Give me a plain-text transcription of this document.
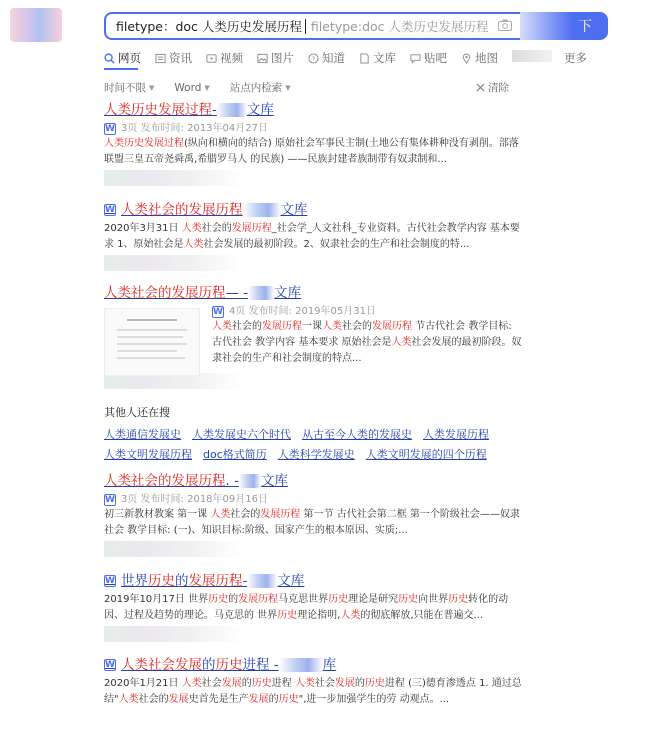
filetype：doc 人类历史发展历程 filetype:doc 人类历史发展历程	下
网页 资讯 视频 图片	? 知道 文库 贴吧 地图	更多
时间不限 ▼ Word ▼ 站点内检索 ▼	清除
人类历史发展过程 - 文库
W 3页 发布时间: 2013年04月27日
人类历史发展过程(纵向和横向的结合) 原始社会军事民主制(土地公有集体耕种没有剥削。部落联盟三皇五帝尧舜禹,希腊罗马人 的民族) ——民族封建者族制带有奴隶制和...
W 人类社会的发展历程	文库
2020年3月31日 人类社会的发展历程_社会学_人文社科_专业资料。古代社会教学内容 基本要求 1、原始社会是人类社会发展的最初阶段。2、奴隶社会的生产和社会制度的特...
人类社会的发展历程 — - 文库
W 4页 发布时间: 2019年05月31日
人类社会的发展历程一课人类社会的发展历程 节古代社会 教学目标: 古代社会 教学内容 基本要求 原始社会是人类社会发展的最初阶段。奴隶社会的生产和社会制度的特点...
其他人还在搜
人类通信发展史 人类发展史六个时代 从古至今人类的发展史 人类发展历程
人类文明发展历程 doc格式简历 人类科学发展史 人类文明发展的四个历程
人类社会的发展历程 . - 文库
W 3页 发布时间: 2018年09月16日
初三新教材教案 第一课 人类社会的发展历程 第一节 古代社会第二框 第一个阶级社会——奴隶社会 教学目标: (一)、知识目标:阶级、国家产生的根本原因、实质;...
W 世界 历史 的 发展历程 - 文库
2019年10月17日 世界历史的发展历程马克思世界历史理论是研究历史向世界历史转化的动因、过程及趋势的理论。马克思的 世界历史理论指明,人类的彻底解放,只能在普遍交...
W 人类社会发展 的 历史 进程 -	库
2020年1月21日 人类社会发展的历史进程 人类社会发展的历史进程 (三)德育渗透点 1. 通过总结"人类社会的发展史首先是生产发展的历史",进一步加强学生的劳 动观点。...
